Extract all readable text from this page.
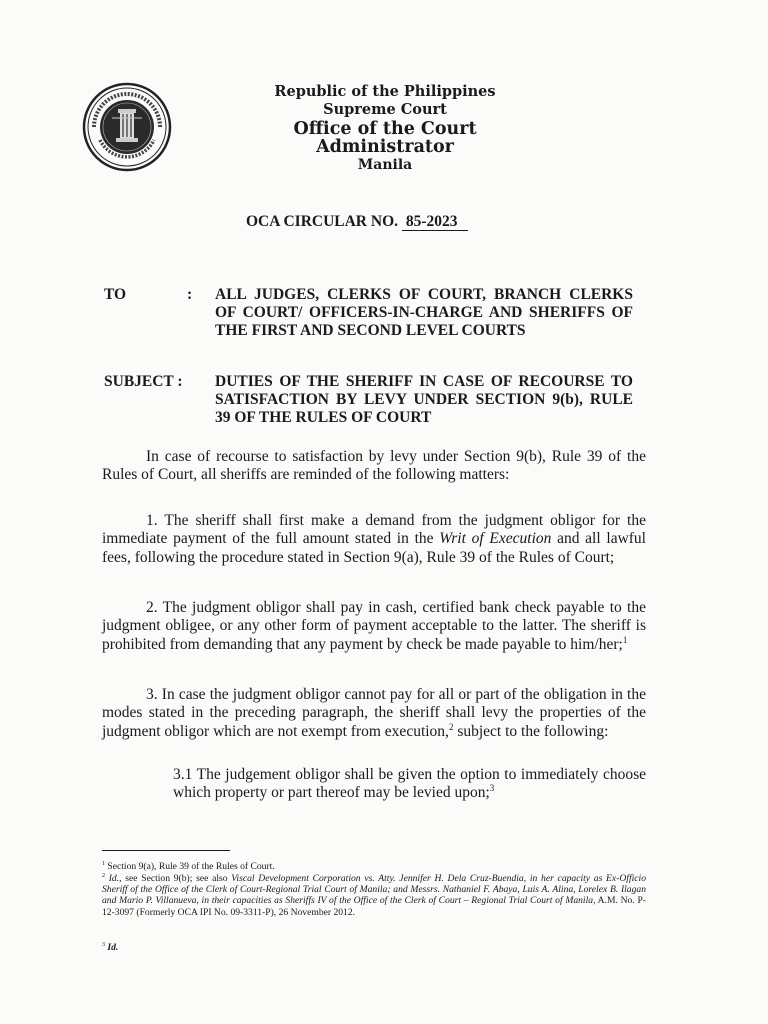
Republic of the Philippines
Supreme Court
Office of the Court Administrator
Manila
OCA CIRCULAR NO. 85-2023
TO	: ALL JUDGES, CLERKS OF COURT, BRANCH CLERKS OF COURT/ OFFICERS-IN-CHARGE AND SHERIFFS OF THE FIRST AND SECOND LEVEL COURTS
SUBJECT : DUTIES OF THE SHERIFF IN CASE OF RECOURSE TO SATISFACTION BY LEVY UNDER SECTION 9(b), RULE 39 OF THE RULES OF COURT

In case of recourse to satisfaction by levy under Section 9(b), Rule 39 of the Rules of Court, all sheriffs are reminded of the following matters:

1. The sheriff shall first make a demand from the judgment obligor for the immediate payment of the full amount stated in the Writ of Execution and all lawful fees, following the procedure stated in Section 9(a), Rule 39 of the Rules of Court;

2. The judgment obligor shall pay in cash, certified bank check payable to the judgment obligee, or any other form of payment acceptable to the latter. The sheriff is prohibited from demanding that any payment by check be made payable to him/her;$^1$

3. In case the judgment obligor cannot pay for all or part of the obligation in the modes stated in the preceding paragraph, the sheriff shall levy the properties of the judgment obligor which are not exempt from execution,$^2$ subject to the following:

3.1 The judgement obligor shall be given the option to immediately choose which property or part thereof may be levied upon;$^3$

$^1$ Section 9(a), Rule 39 of the Rules of Court.

$^2$ Id., see Section 9(b); see also Viscal Development Corporation vs. Atty. Jennifer H. Dela Cruz-Buendia, in her capacity as Ex-Officio Sheriff of the Office of the Clerk of Court-Regional Trial Court of Manila; and Messrs. Nathaniel F. Abaya, Luis A. Alina, Lorelex B. Ilagan and Mario P. Villanueva, in their capacities as Sheriffs IV of the Office of the Clerk of Court – Regional Trial Court of Manila, A.M. No. P-12-3097 (Formerly OCA IPI No. 09-3311-P), 26 November 2012.

$^3$ Id.
